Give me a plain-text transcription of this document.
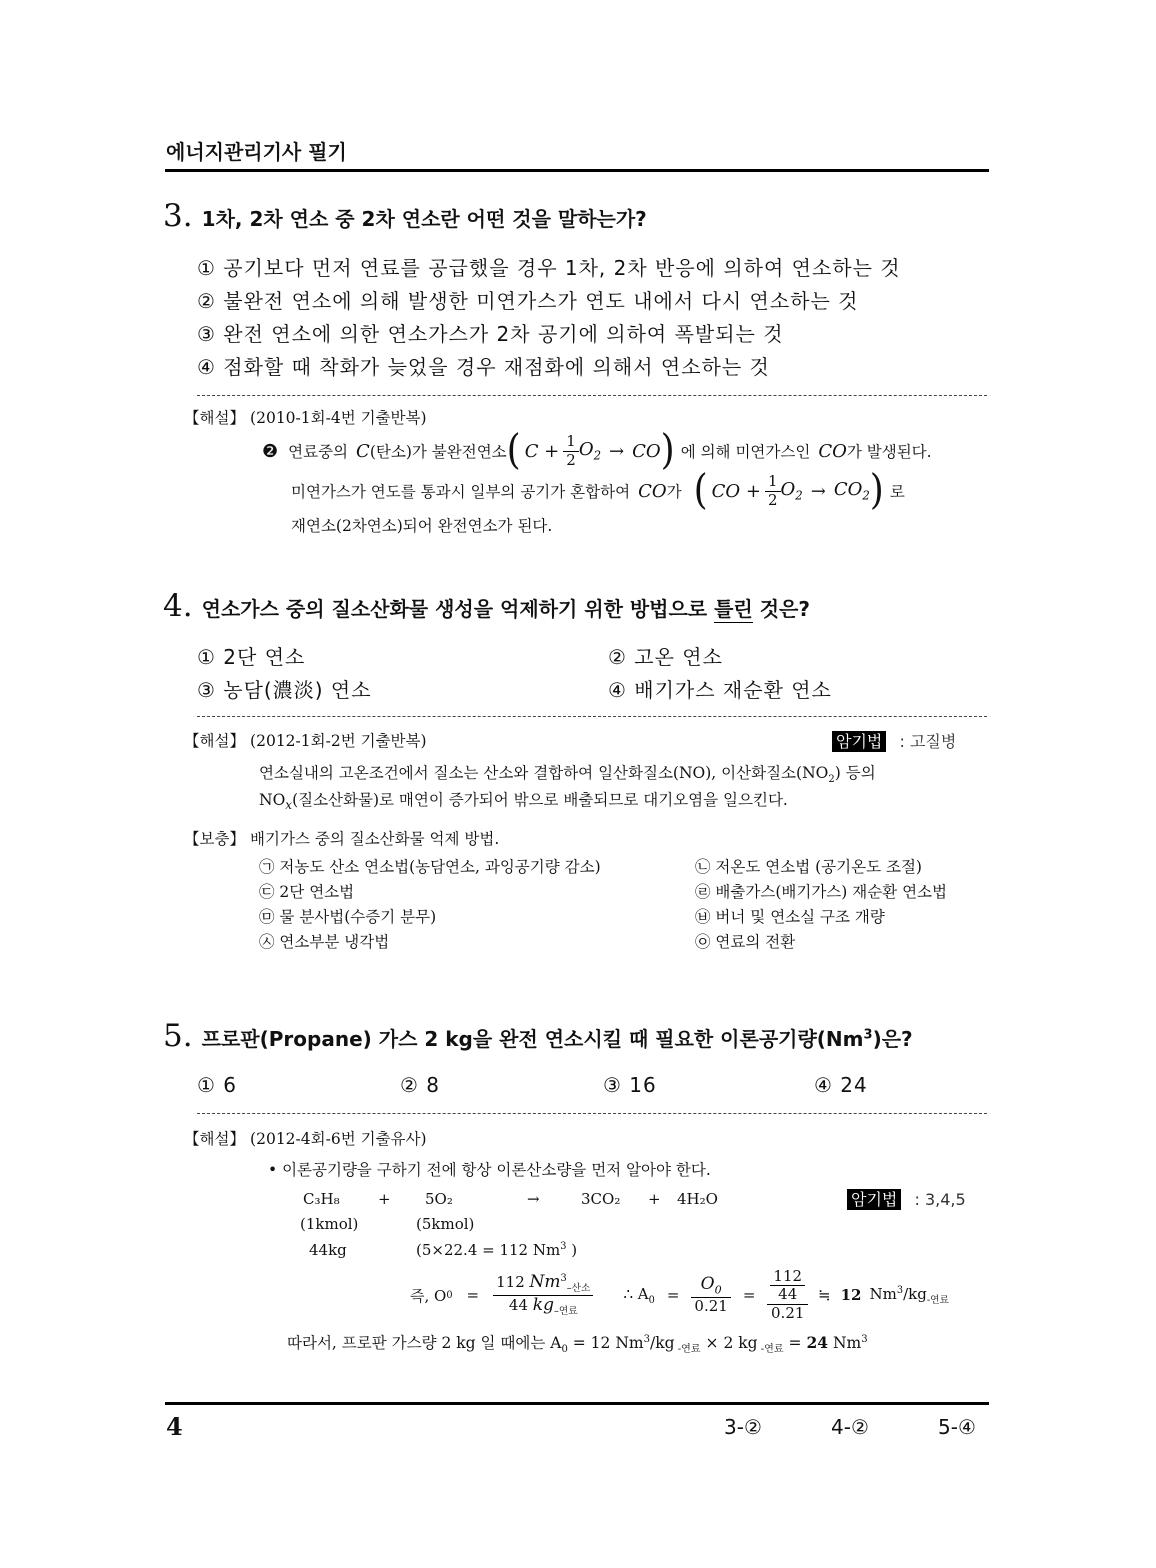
에너지관리기사 필기
3. 1차, 2차 연소 중 2차 연소란 어떤 것을 말하는가?
① 공기보다 먼저 연료를 공급했을 경우 1차, 2차 반응에 의하여 연소하는 것
② 불완전 연소에 의해 발생한 미연가스가 연도 내에서 다시 연소하는 것
③ 완전 연소에 의한 연소가스가 2차 공기에 의하여 폭발되는 것
④ 점화할 때 착화가 늦었을 경우 재점화에 의해서 연소하는 것
【해설】 (2010-1회-4번 기출반복)
❷ 연료중의 C (탄소)가 불완전연소 ( $C + \frac{1}{2} O_2$ → CO ) 에 의해 미연가스인 CO 가 발생된다.
미연가스가 연도를 통과시 일부의 공기가 혼합하여 CO 가 ( CO + $\frac{1}{2} O_2 \to CO_2$ ) 로
재연소(2차연소)되어 완전연소가 된다.
4. 연소가스 중의 질소산화물 생성을 억제하기 위한 방법으로 틀린 것은?
① 2단 연소	② 고온 연소
③ 농담(濃淡) 연소	④ 배기가스 재순환 연소
【해설】 (2012-1회-2번 기출반복)	암기법 : 고질병
연소실내의 고온조건에서 질소는 산소와 결합하여 일산화질소(NO), 이산화질소$(NO_2)$ 등의
$NO_x$(질소산화물)로 매연이 증가되어 밖으로 배출되므로 대기오염을 일으킨다.
【보충】 배기가스 중의 질소산화물 억제 방법.
㉠ 저농도 산소 연소법(농담연소, 과잉공기량 감소)	㉡ 저온도 연소법 (공기온도 조절)
㉢ 2단 연소법	㉣ 배출가스(배기가스) 재순환 연소법
㉤ 물 분사법(수증기 분무)	㉥ 버너 및 연소실 구조 개량
㉦ 연소부분 냉각법	㉧ 연료의 전환
5. 프로판(Propane) 가스 2 kg을 완전 연소시킬 때 필요한 이론공기량(Nm$^3$)은?
① 6	② 8	③ 16	④ 24
【해설】 (2012-4회-6번 기출유사)
• 이론공기량을 구하기 전에 항상 이론산소량을 먼저 알아야 한다.
C₃H₈	+ 5O₂	→	3CO₂ + 4H₂O	암기법 : 3,4,5
(1kmol)	(5kmol)
44kg	(5×22.4 = 112 Nm$^3$ )
즉, O $0 = \frac{112 Nm^3_{-산소}}{44 kg_{-연료}}$ ∴ $A_0 = \frac{O_0}{0.21} = \frac{\frac{112}{44}}{0.21}$ ≒ 12 $Nm^3/kg_{-연료}$
따라서, 프로판 가스량 2 kg 일 때에는 $A_0 = 12$ Nm$^3$/kg $_{-연료}$ × 2 kg $_{-연료}$ = 24 Nm$^3$
4	3-②	4-②	5-④
